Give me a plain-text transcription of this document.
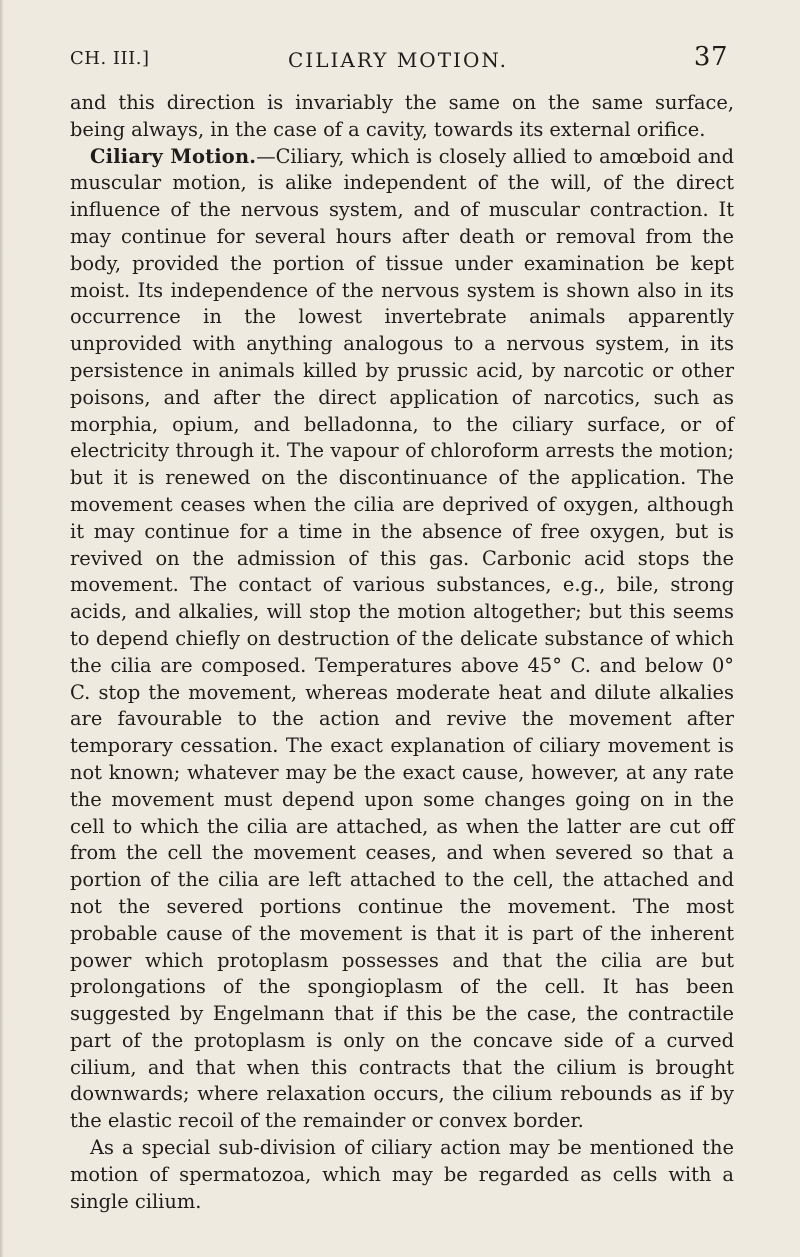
CH. III.]	CILIARY MOTION.	37

and this direction is invariably the same on the same surface, being always, in the case of a cavity, towards its external orifice.

Ciliary Motion.—Ciliary, which is closely allied to amœboid and muscular motion, is alike independent of the will, of the direct influence of the nervous system, and of muscular contraction. It may continue for several hours after death or removal from the body, provided the portion of tissue under examination be kept moist. Its independence of the nervous system is shown also in its occurrence in the lowest invertebrate animals apparently unprovided with anything analogous to a nervous system, in its persistence in animals killed by prussic acid, by narcotic or other poisons, and after the direct application of narcotics, such as morphia, opium, and belladonna, to the ciliary surface, or of electricity through it. The vapour of chloroform arrests the motion; but it is renewed on the discontinuance of the application. The movement ceases when the cilia are deprived of oxygen, although it may continue for a time in the absence of free oxygen, but is revived on the admission of this gas. Carbonic acid stops the movement. The contact of various substances, e.g., bile, strong acids, and alkalies, will stop the motion altogether; but this seems to depend chiefly on destruction of the delicate substance of which the cilia are composed. Temperatures above 45° C. and below 0° C. stop the movement, whereas moderate heat and dilute alkalies are favourable to the action and revive the movement after temporary cessation. The exact explanation of ciliary movement is not known; whatever may be the exact cause, however, at any rate the movement must depend upon some changes going on in the cell to which the cilia are attached, as when the latter are cut off from the cell the movement ceases, and when severed so that a portion of the cilia are left attached to the cell, the attached and not the severed portions continue the movement. The most probable cause of the movement is that it is part of the inherent power which protoplasm possesses and that the cilia are but prolongations of the spongioplasm of the cell. It has been suggested by Engelmann that if this be the case, the contractile part of the protoplasm is only on the concave side of a curved cilium, and that when this contracts that the cilium is brought downwards; where relaxation occurs, the cilium rebounds as if by the elastic recoil of the remainder or convex border.

As a special sub-division of ciliary action may be mentioned the motion of spermatozoa, which may be regarded as cells with a single cilium.
